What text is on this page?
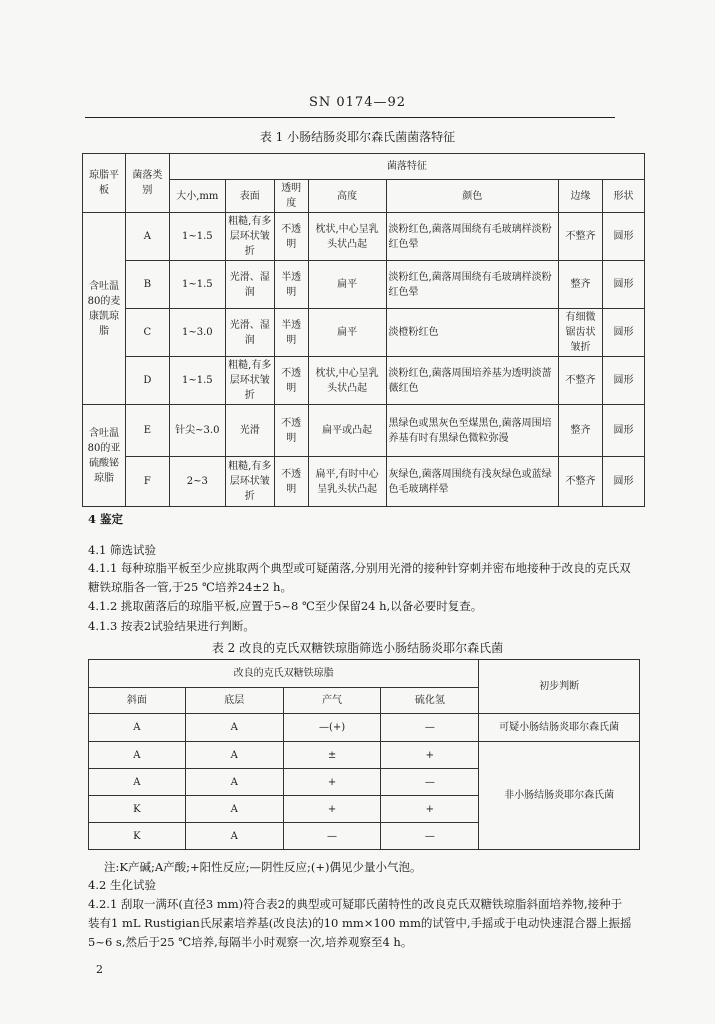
SN 0174—92
表 1 小肠结肠炎耶尔森氏菌菌落特征
琼脂平板	菌落类别	菌落特征						
		大小,mm	表面	透明度	高度	颜色	边缘	形状
含吐温80的麦康凯琼脂	A	1~1.5	粗糙,有多层环状皱折	不透明	枕状,中心呈乳头状凸起	淡粉红色,菌落周围绕有毛玻璃样淡粉红色晕	不整齐	圆形
	B	1~1.5	光滑、湿润	半透明	扁平	淡粉红色,菌落周围绕有毛玻璃样淡粉红色晕	整齐	圆形
	C	1~3.0	光滑、湿润	半透明	扁平	淡橙粉红色	有细微锯齿状皱折	圆形
	D	1~1.5	粗糙,有多层环状皱折	不透明	枕状,中心呈乳头状凸起	淡粉红色,菌落周围培养基为透明淡蔷薇红色	不整齐	圆形
含吐温80的亚硫酸铋琼脂	E	针尖~3.0	光滑	不透明	扁平或凸起	黑绿色或黑灰色至煤黑色,菌落周围培养基有时有黑绿色微粒弥漫	整齐	圆形
	F	2~3	粗糙,有多层环状皱折	不透明	扁平,有时中心呈乳头状凸起	灰绿色,菌落周围绕有浅灰绿色或蓝绿色毛玻璃样晕	不整齐	圆形

4 鉴定

4.1 筛选试验

4.1.1 每种琼脂平板至少应挑取两个典型或可疑菌落,分别用光滑的接种针穿刺并密布地接种于改良的克氏双糖铁琼脂各一管,于25 ℃培养24±2 h。

4.1.2 挑取菌落后的琼脂平板,应置于5~8 ℃至少保留24 h,以备必要时复查。

4.1.3 按表2试验结果进行判断。

表 2 改良的克氏双糖铁琼脂筛选小肠结肠炎耶尔森氏菌
改良的克氏双糖铁琼脂				初步判断
斜面	底层	产气	硫化氢	
A	A	—(+)	—	可疑小肠结肠炎耶尔森氏菌
A	A	±	+	非小肠结肠炎耶尔森氏菌
A	A	+	—	
K	A	+	+	
K	A	—	—	

注:K产碱;A产酸;+阳性反应;—阴性反应;(+)偶见少量小气泡。

4.2 生化试验

4.2.1 刮取一满环(直径3 mm)符合表2的典型或可疑耶氏菌特性的改良克氏双糖铁琼脂斜面培养物,接种于装有1 mL Rustigian氏尿素培养基(改良法)的10 mm×100 mm的试管中,手摇或于电动快速混合器上振摇5~6 s,然后于25 ℃培养,每隔半小时观察一次,培养观察至4 h。

2
